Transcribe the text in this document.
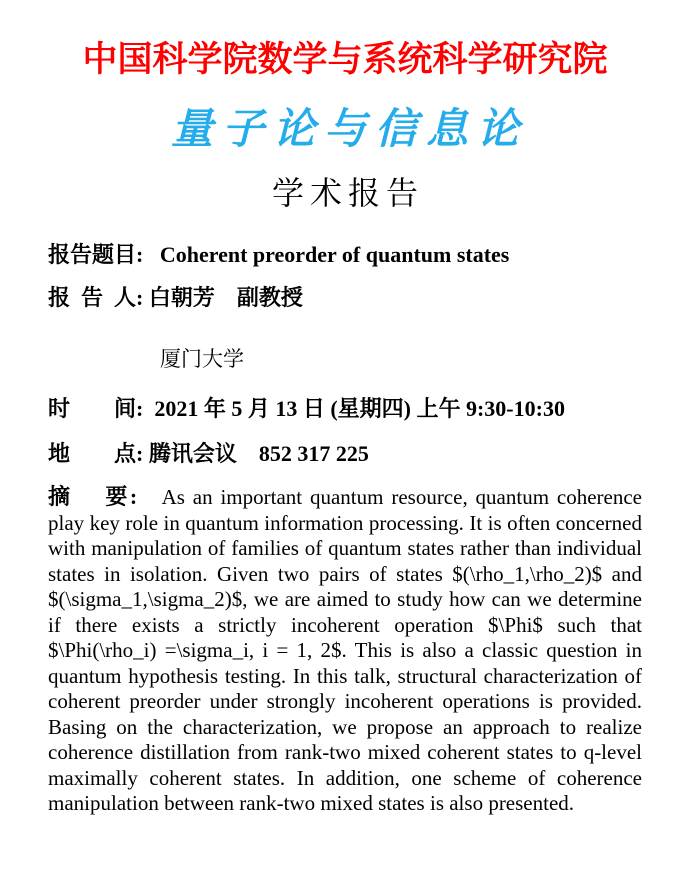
中国科学院数学与系统科学研究院
量子论与信息论
学术报告
报告题目:   Coherent preorder of quantum states
报  告  人: 白朝芳　副教授
厦门大学
时　　间:  2021 年 5 月 13 日 (星期四) 上午 9:30-10:30
地　　点: 腾讯会议　852 317 225

摘　 要:   As an important quantum resource, quantum coherence play key role in quantum information processing. It is often concerned with manipulation of families of quantum states rather than individual states in isolation. Given two pairs of states $(\rho_1,\rho_2)$ and $(\sigma_1,\sigma_2)$, we are aimed to study how can we determine if there exists a strictly incoherent operation $\Phi$ such that $\Phi(\rho_i) =\sigma_i, i = 1, 2$. This is also a classic question in quantum hypothesis testing. In this talk, structural characterization of coherent preorder under strongly incoherent operations is provided. Basing on the characterization, we propose an approach to realize coherence distillation from rank-two mixed coherent states to q-level maximally coherent states. In addition, one scheme of coherence manipulation between rank-two mixed states is also presented.
